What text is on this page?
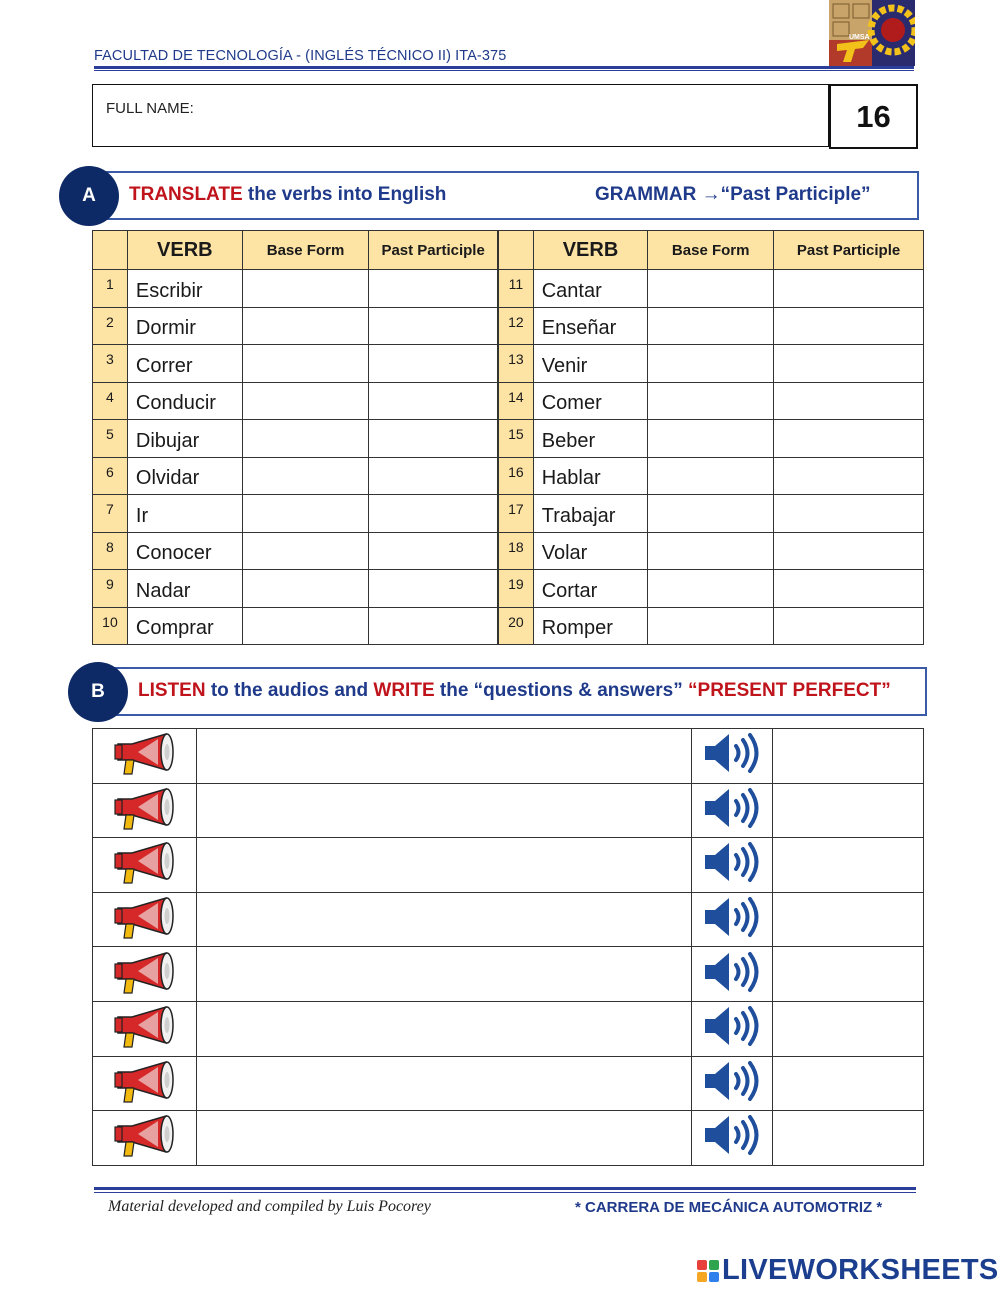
FACULTAD DE TECNOLOGÍA - (INGLÉS TÉCNICO II) ITA-375
UMSA
FULL NAME:	16
A	TRANSLATE the verbs into English	GRAMMAR →“Past Participle”
	VERB	Base Form	Past Participle
1	Escribir		
2	Dormir		
3	Correr		
4	Conducir		
5	Dibujar		
6	Olvidar		
7	Ir		
8	Conocer		
9	Nadar		
10	Comprar		
	VERB	Base Form	Past Participle
11	Cantar		
12	Enseñar		
13	Venir		
14	Comer		
15	Beber		
16	Hablar		
17	Trabajar		
18	Volar		
19	Cortar		
20	Romper		
B	LISTEN to the audios and WRITE the “questions & answers” “PRESENT PERFECT”

Material developed and compiled by Luis Pocorey	* CARRERA DE MECÁNICA AUTOMOTRIZ *
LIVEWORKSHEETS
